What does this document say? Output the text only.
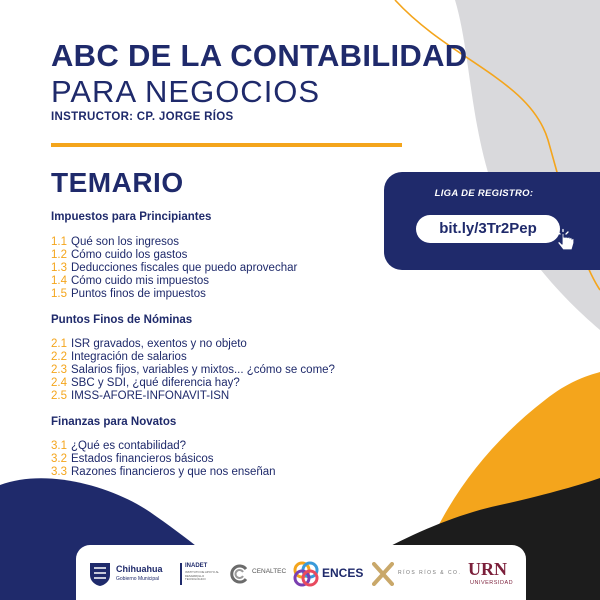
ABC DE LA CONTABILIDAD
PARA NEGOCIOS
INSTRUCTOR: CP. JORGE RÍOS
TEMARIO
Impuestos para Principiantes
1.1 Qué son los ingresos
1.2 Cómo cuido los gastos
1.3 Deducciones fiscales que puedo aprovechar
1.4 Cómo cuido mis impuestos
1.5 Puntos finos de impuestos
Puntos Finos de Nóminas
2.1 ISR gravados, exentos y no objeto
2.2 Integración de salarios
2.3 Salarios fijos, variables y mixtos... ¿cómo se come?
2.4 SBC y SDI, ¿qué diferencia hay?
2.5 IMSS-AFORE-INFONAVIT-ISN
Finanzas para Novatos
3.1 ¿Qué es contabilidad?
3.2 Estados financieros básicos
3.3 Razones financieros y que nos enseñan
LIGA DE REGISTRO:
bit.ly/3Tr2Pep
Chihuahua
Gobierno Municipal
INADET
INSTITUTO DE APOYO AL DESARROLLO TECNOLÓGICO
CENALTEC	ENCES	RÍOS RÍOS & CO. URN
UNIVERSIDAD
